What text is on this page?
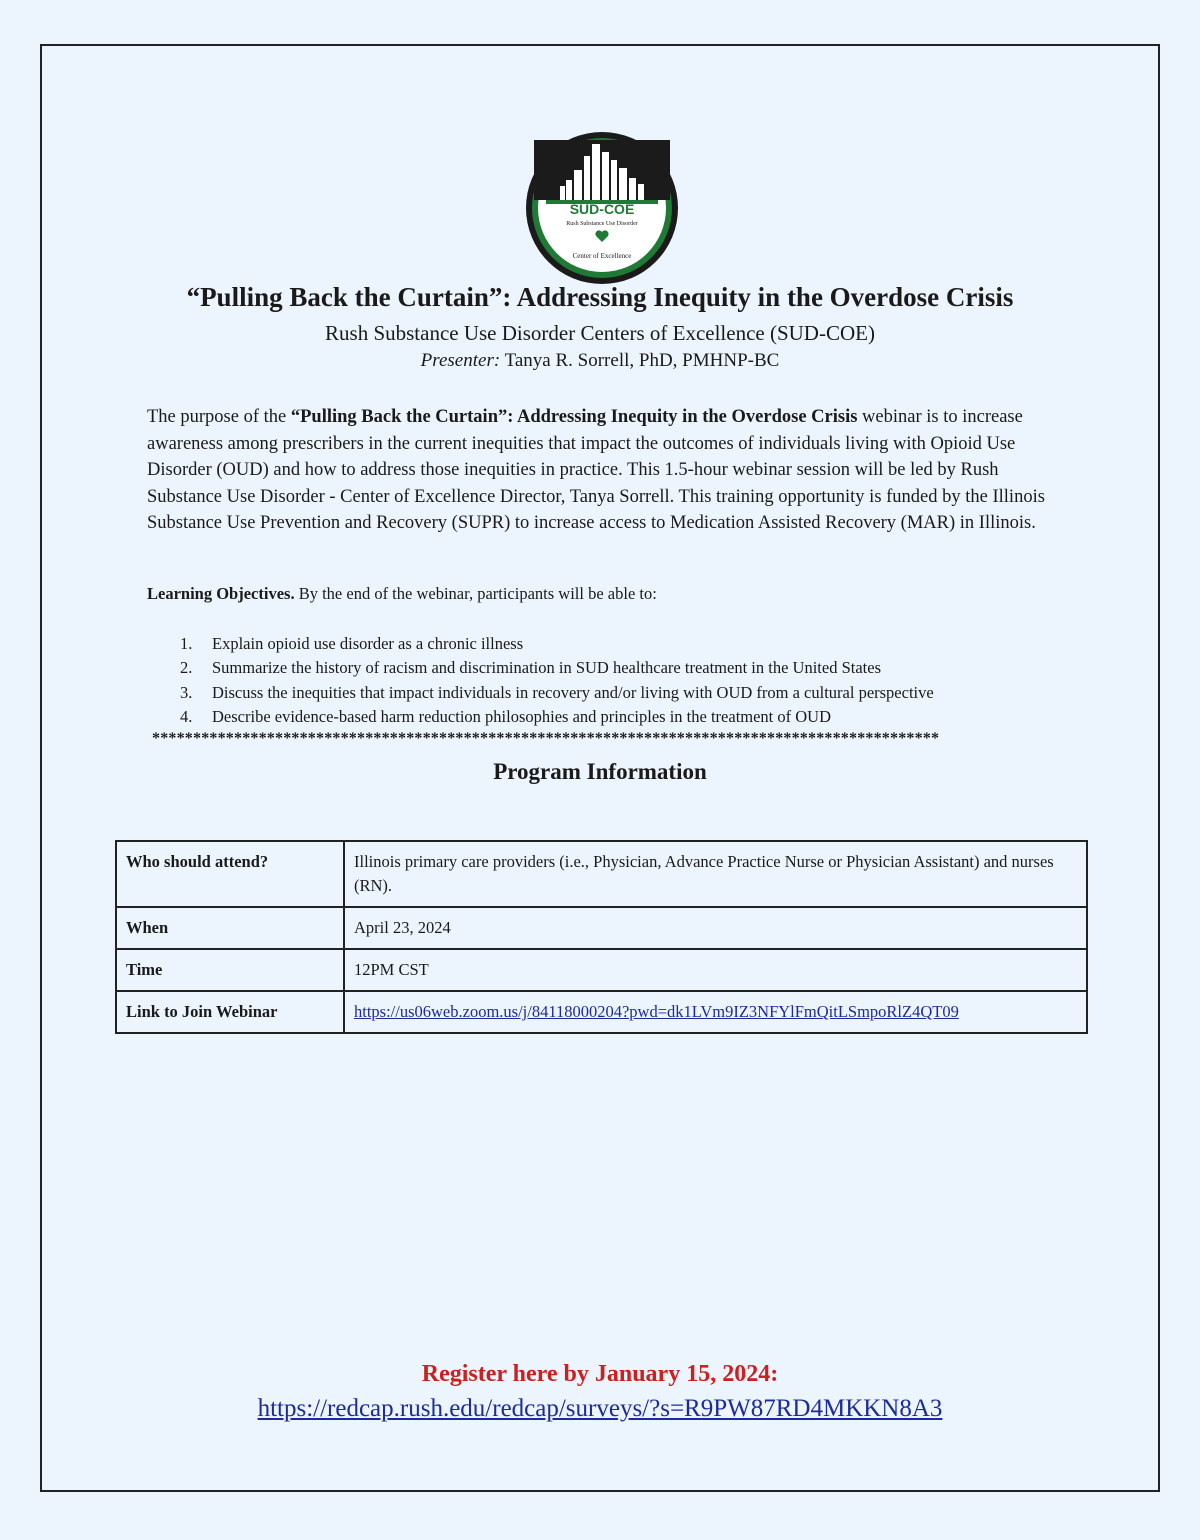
SUD-COE
Rush Substance Use Disorder
Center of Excellence
“Pulling Back the Curtain”: Addressing Inequity in the Overdose Crisis
Rush Substance Use Disorder Centers of Excellence (SUD-COE)
Presenter: Tanya R. Sorrell, PhD, PMHNP-BC

The purpose of the “Pulling Back the Curtain”: Addressing Inequity in the Overdose Crisis webinar is to increase awareness among prescribers in the current inequities that impact the outcomes of individuals living with Opioid Use Disorder (OUD) and how to address those inequities in practice. This 1.5-hour webinar session will be led by Rush Substance Use Disorder - Center of Excellence Director, Tanya Sorrell. This training opportunity is funded by the Illinois Substance Use Prevention and Recovery (SUPR) to increase access to Medication Assisted Recovery (MAR) in Illinois.

Learning Objectives. By the end of the webinar, participants will be able to:

1.	Explain opioid use disorder as a chronic illness
2.	Summarize the history of racism and discrimination in SUD healthcare treatment in the United States
3.	Discuss the inequities that impact individuals in recovery and/or living with OUD from a cultural perspective
4.	Describe evidence-based harm reduction philosophies and principles in the treatment of OUD
************************************************************************************************
Program Information
Who should attend?	Illinois primary care providers (i.e., Physician, Advance Practice Nurse or Physician Assistant) and nurses (RN).
When	April 23, 2024
Time	12PM CST
Link to Join Webinar	https://us06web.zoom.us/j/84118000204?pwd=dk1LVm9IZ3NFYlFmQitLSmpoRlZ4QT09
Register here by January 15, 2024:
https://redcap.rush.edu/redcap/surveys/?s=R9PW87RD4MKKN8A3
